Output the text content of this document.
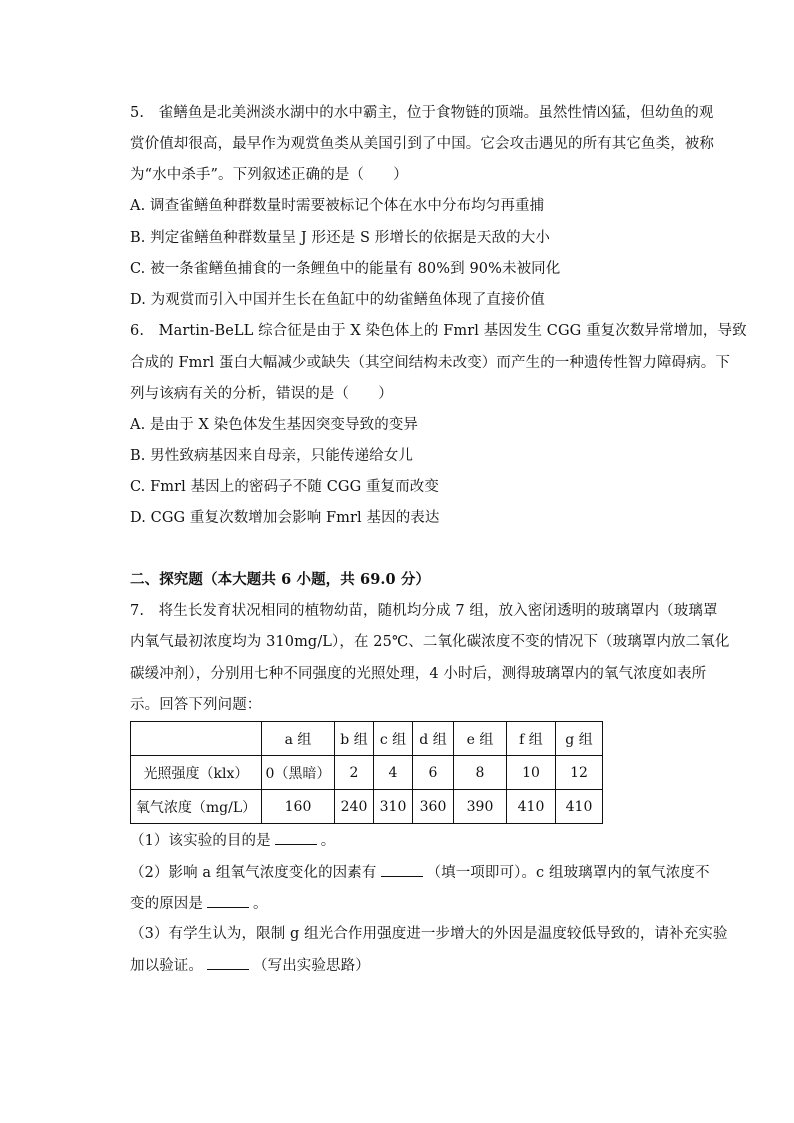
5.　雀鳝鱼是北美洲淡水湖中的水中霸主，位于食物链的顶端。虽然性情凶猛，但幼鱼的观
赏价值却很高，最早作为观赏鱼类从美国引到了中国。它会攻击遇见的所有其它鱼类，被称
为“水中杀手”。下列叙述正确的是（　　）
A. 调查雀鳝鱼种群数量时需要被标记个体在水中分布均匀再重捕
B. 判定雀鳝鱼种群数量呈 J 形还是 S 形增长的依据是天敌的大小
C. 被一条雀鳝鱼捕食的一条鲤鱼中的能量有 80%到 90%未被同化
D. 为观赏而引入中国并生长在鱼缸中的幼雀鳝鱼体现了直接价值
6.　Martin-BeLL 综合征是由于 X 染色体上的 Fmrl 基因发生 CGG 重复次数异常增加，导致
合成的 Fmrl 蛋白大幅减少或缺失（其空间结构未改变）而产生的一种遗传性智力障碍病。下
列与该病有关的分析，错误的是（　　）
A. 是由于 X 染色体发生基因突变导致的变异
B. 男性致病基因来自母亲，只能传递给女儿
C. Fmrl 基因上的密码子不随 CGG 重复而改变
D. CGG 重复次数增加会影响 Fmrl 基因的表达
二、探究题（本大题共 6 小题，共 69.0 分）
7.　将生长发育状况相同的植物幼苗，随机均分成 7 组，放入密闭透明的玻璃罩内（玻璃罩
内氧气最初浓度均为 310mg/L），在 25℃、二氧化碳浓度不变的情况下（玻璃罩内放二氧化
碳缓冲剂），分别用七种不同强度的光照处理，4 小时后，测得玻璃罩内的氧气浓度如表所
示。回答下列问题：
	a 组	b 组	c 组	d 组	e 组	f 组	g 组
光照强度（klx）	0（黑暗）	2	4	6	8	10	12
氧气浓度（mg/L）	160	240	310	360	390	410	410
（1）该实验的目的是	。
（2）影响 a 组氧气浓度变化的因素有	（填一项即可）。c 组玻璃罩内的氧气浓度不
变的原因是	。
（3）有学生认为，限制 g 组光合作用强度进一步增大的外因是温度较低导致的，请补充实验
加以验证。	（写出实验思路）
